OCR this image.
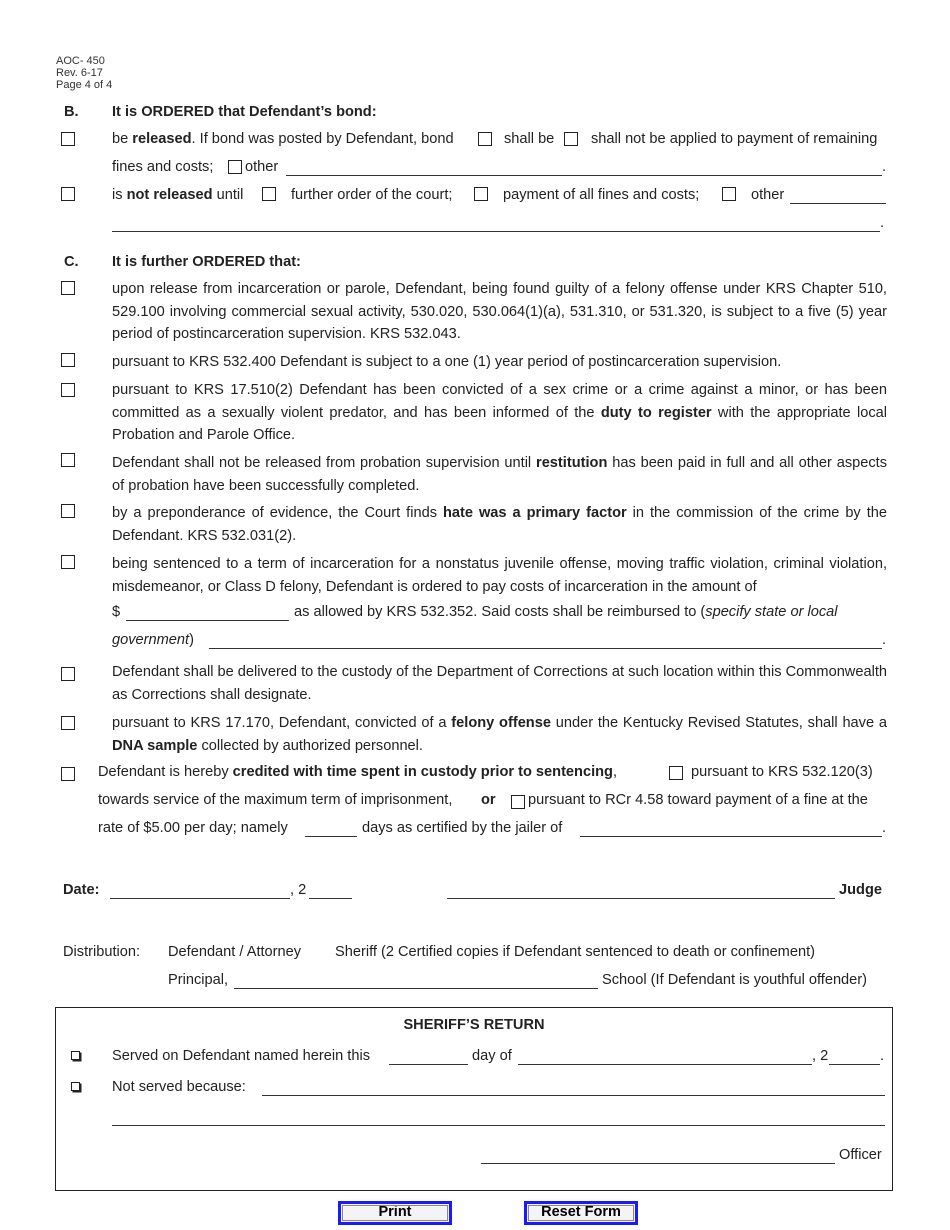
AOC- 450
Rev. 6-17
Page 4 of 4
B. It is ORDERED that Defendant’s bond:
be released. If bond was posted by Defendant, bond	shall be	shall not be applied to payment of remaining
fines and costs; other	.
is not released until	further order of the court;	payment of all fines and costs;	other
.
C. It is further ORDERED that:
upon release from incarceration or parole, Defendant, being found guilty of a felony offense under KRS Chapter 510, 529.100 involving commercial sexual activity, 530.020, 530.064(1)(a), 531.310, or 531.320, is subject to a five (5) year period of postincarceration supervision. KRS 532.043.
pursuant to KRS 532.400 Defendant is subject to a one (1) year period of postincarceration supervision.
pursuant to KRS 17.510(2) Defendant has been convicted of a sex crime or a crime against a minor, or has been committed as a sexually violent predator, and has been informed of the duty to register with the appropriate local Probation and Parole Office.
Defendant shall not be released from probation supervision until restitution has been paid in full and all other aspects of probation have been successfully completed.
by a preponderance of evidence, the Court finds hate was a primary factor in the commission of the crime by the Defendant. KRS 532.031(2).
being sentenced to a term of incarceration for a nonstatus juvenile offense, moving traffic violation, criminal violation, misdemeanor, or Class D felony, Defendant is ordered to pay costs of incarceration in the amount of
$	as allowed by KRS 532.352. Said costs shall be reimbursed to (specify state or local
government)	.
Defendant shall be delivered to the custody of the Department of Corrections at such location within this Commonwealth as Corrections shall designate.
pursuant to KRS 17.170, Defendant, convicted of a felony offense under the Kentucky Revised Statutes, shall have a DNA sample collected by authorized personnel.
Defendant is hereby credited with time spent in custody prior to sentencing,	pursuant to KRS 532.120(3)
towards service of the maximum term of imprisonment, or pursuant to RCr 4.58 toward payment of a fine at the
rate of $5.00 per day; namely	days as certified by the jailer of	.
Date:	, 2	Judge
Distribution: Defendant / Attorney Sheriff (2 Certified copies if Defendant sentenced to death or confinement)
Principal,	School (If Defendant is youthful offender)
SHERIFF’S RETURN
Served on Defendant named herein this	day of	, 2	.
Not served because:
Officer
Print	Reset Form
